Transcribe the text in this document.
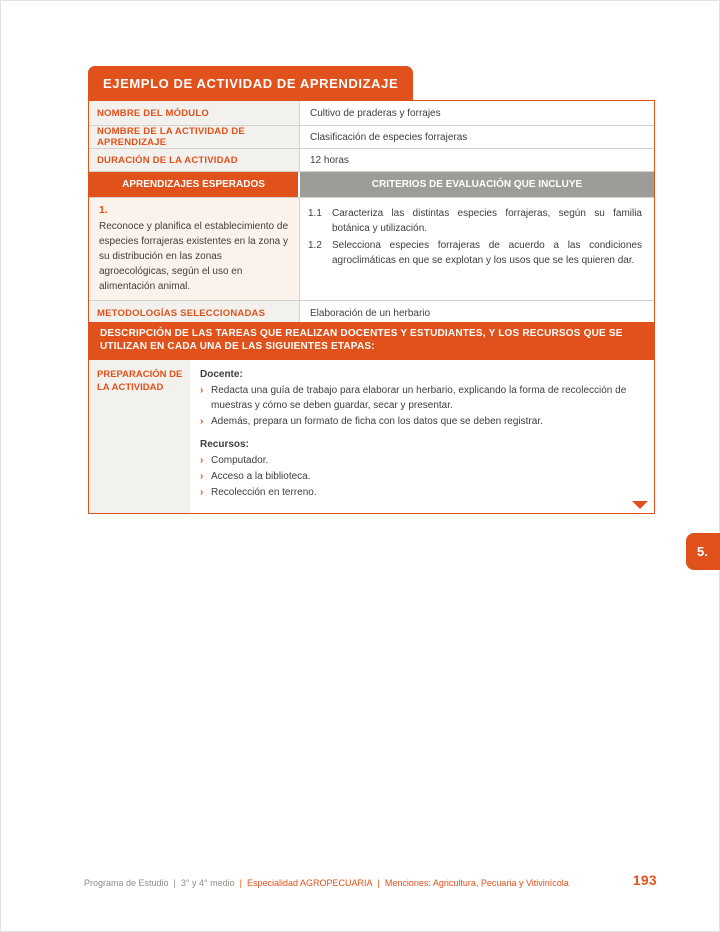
EJEMPLO DE ACTIVIDAD DE APRENDIZAJE
NOMBRE DEL MÓDULO	Cultivo de praderas y forrajes
NOMBRE DE LA ACTIVIDAD DE APRENDIZAJE	Clasificación de especies forrajeras
DURACIÓN DE LA ACTIVIDAD	12 horas
APRENDIZAJES ESPERADOS	CRITERIOS DE EVALUACIÓN QUE INCLUYE
1.
Reconoce y planifica el establecimiento de especies forrajeras existentes en la zona y su distribución en las zonas agroecológicas, según el uso en alimentación animal.
1.1	Caracteriza las distintas especies forrajeras, según su familia botánica y utilización.
1.2	Selecciona especies forrajeras de acuerdo a las condiciones agroclimáticas en que se explotan y los usos que se les quieren dar.
METODOLOGÍAS SELECCIONADAS	Elaboración de un herbario
DESCRIPCIÓN DE LAS TAREAS QUE REALIZAN DOCENTES Y ESTUDIANTES, Y LOS RECURSOS QUE SE UTILIZAN EN CADA UNA DE LAS SIGUIENTES ETAPAS:
PREPARACIÓN DE LA ACTIVIDAD
Docente:
› Redacta una guía de trabajo para elaborar un herbario, explicando la forma de recolección de muestras y cómo se deben guardar, secar y presentar.
› Además, prepara un formato de ficha con los datos que se deben registrar.
Recursos:
› Computador.
› Acceso a la biblioteca.
› Recolección en terreno.
5.
Programa de Estudio | 3° y 4° medio | Especialidad AGROPECUARIA | Menciones: Agricultura, Pecuaria y Vitivinícola	193
